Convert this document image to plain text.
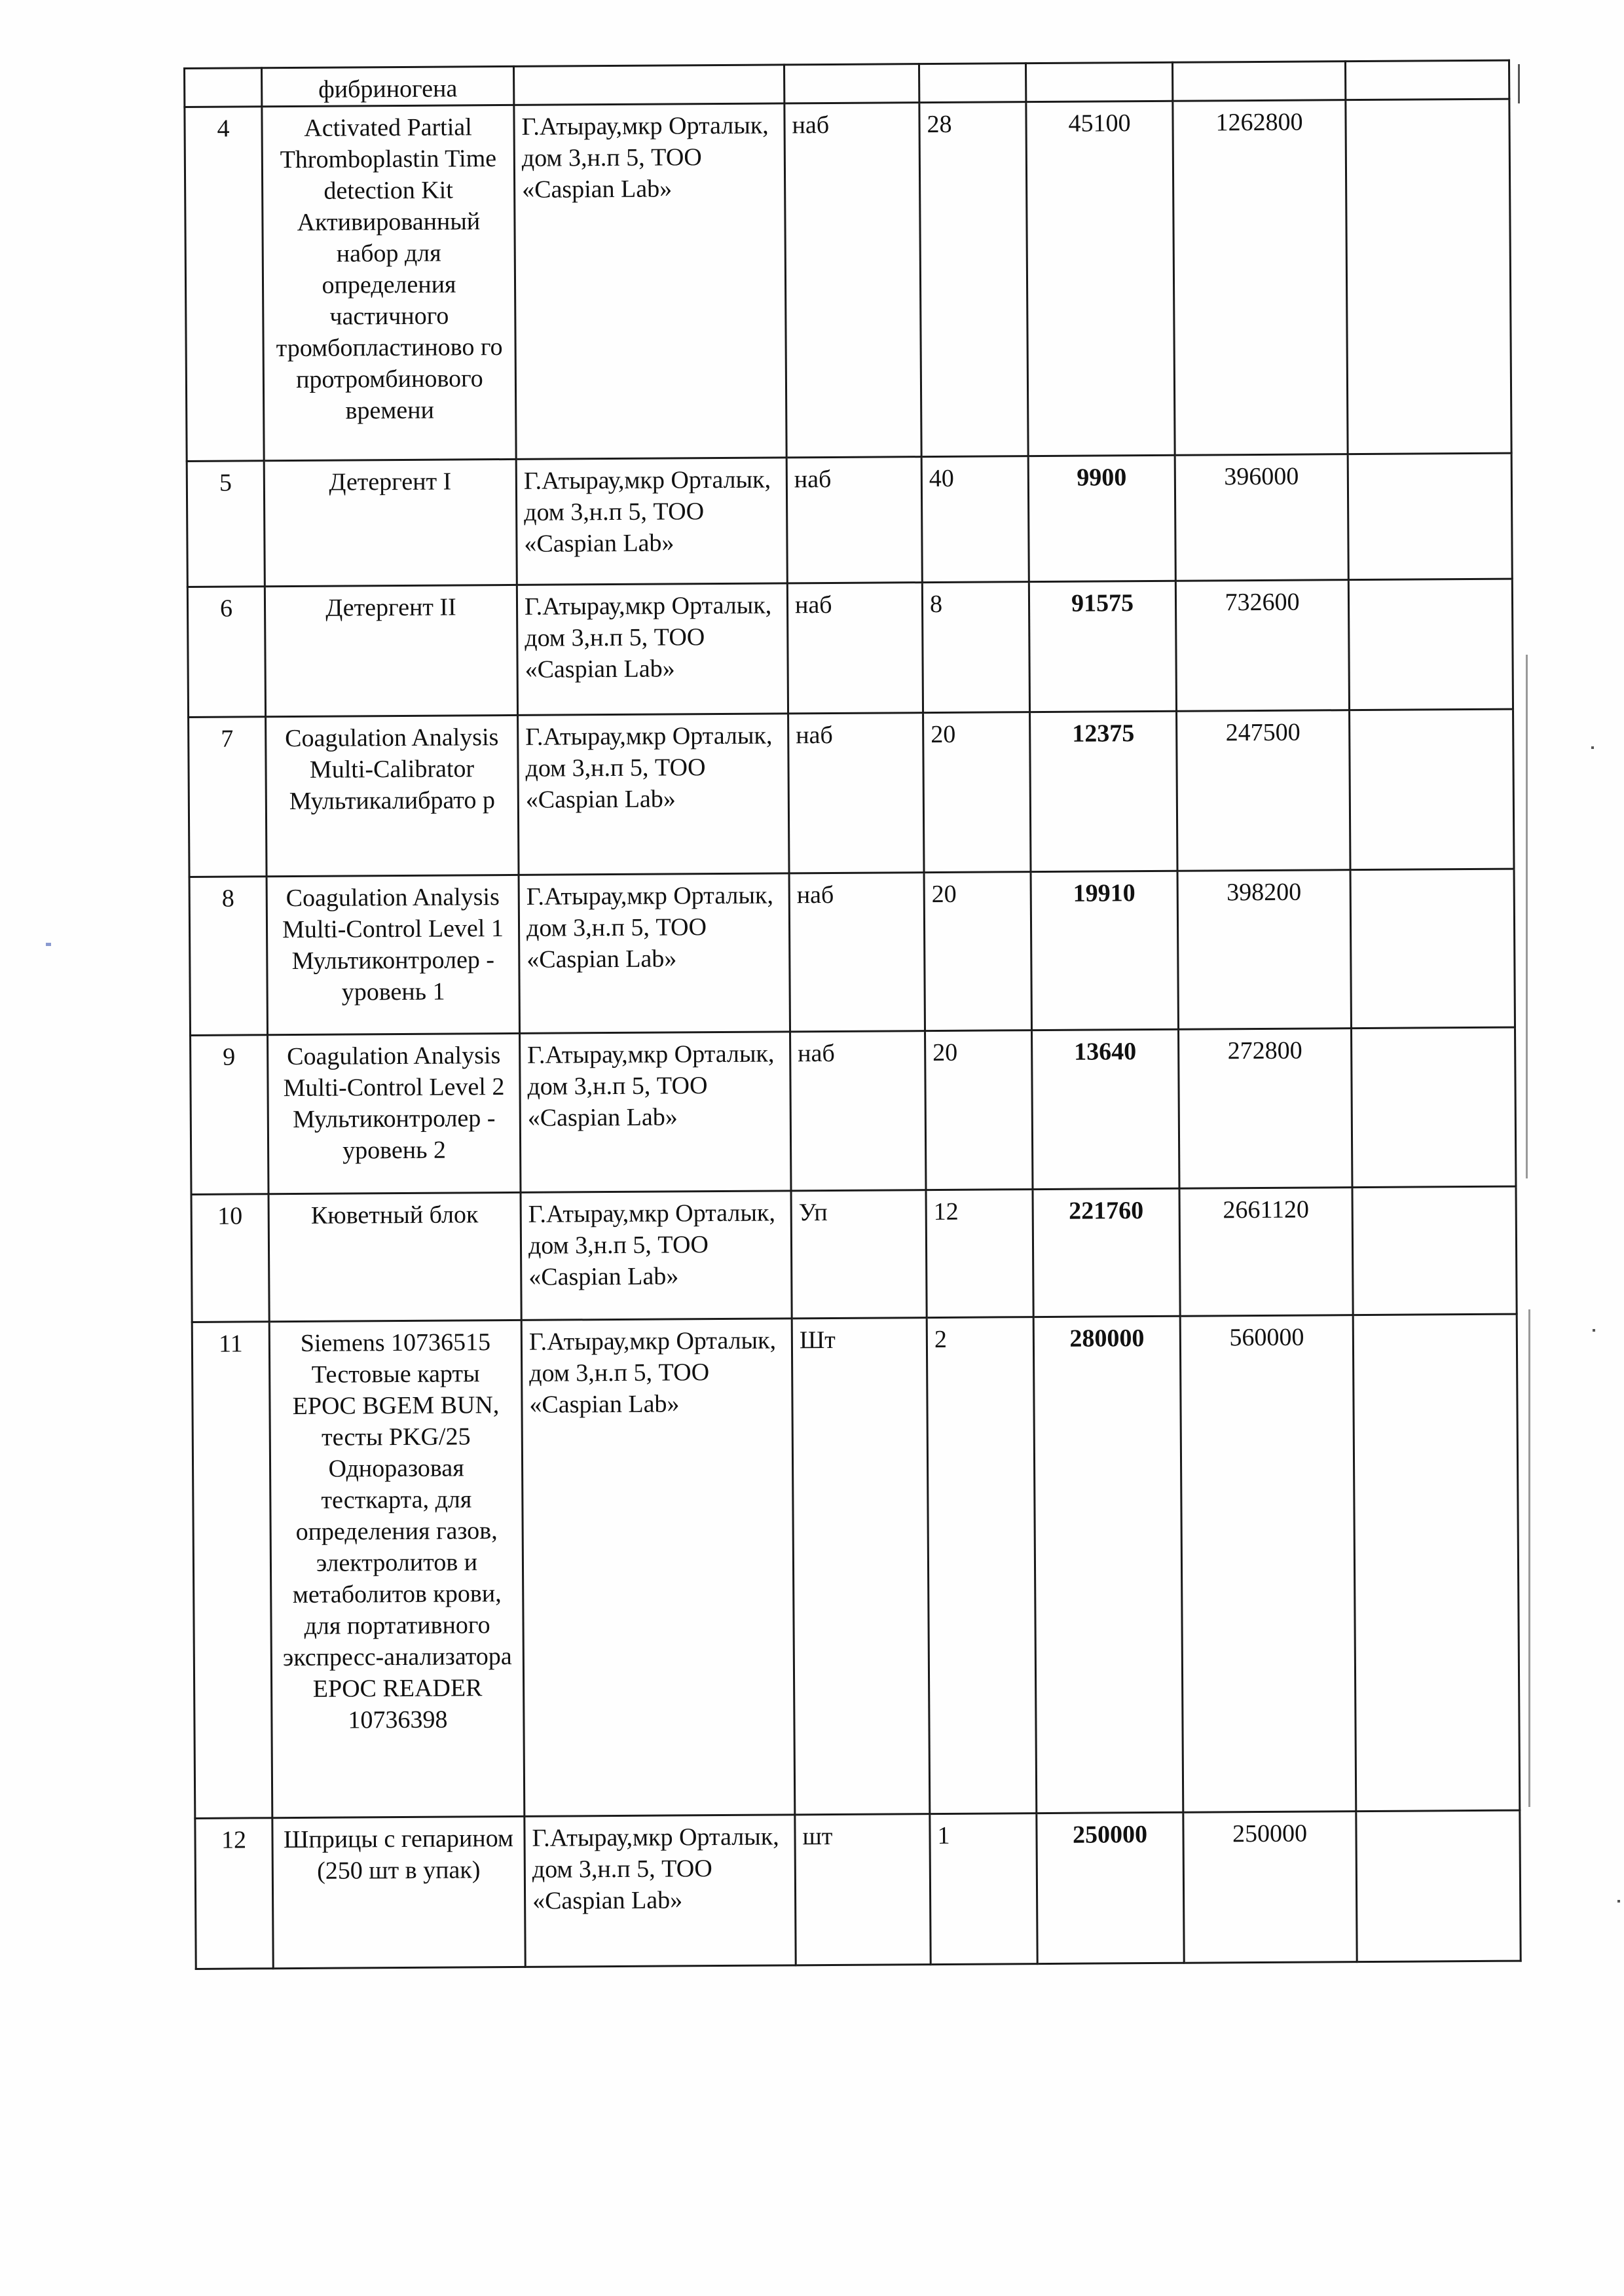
	фибриногена						
4	Activated Partial Thromboplastin Time detection Kit Активированный набор для определения частичного тромбопластиново го протромбинового времени	Г.Атырау,мкр Орталык, дом 3,н.п 5, ТОО «Caspian Lab»	наб	28	45100	1262800	
5	Детергент I	Г.Атырау,мкр Орталык, дом 3,н.п 5, ТОО «Caspian Lab»	наб	40	9900	396000	
6	Детергент II	Г.Атырау,мкр Орталык, дом 3,н.п 5, ТОО «Caspian Lab»	наб	8	91575	732600	
7	Coagulation Analysis Multi-Calibrator Мультикалибрато р	Г.Атырау,мкр Орталык, дом 3,н.п 5, ТОО «Caspian Lab»	наб	20	12375	247500	
8	Coagulation Analysis Multi-Control Level 1 Мультиконтролер - уровень 1	Г.Атырау,мкр Орталык, дом 3,н.п 5, ТОО «Caspian Lab»	наб	20	19910	398200	
9	Coagulation Analysis Multi-Control Level 2 Мультиконтролер - уровень 2	Г.Атырау,мкр Орталык, дом 3,н.п 5, ТОО «Caspian Lab»	наб	20	13640	272800	
10	Кюветный блок	Г.Атырау,мкр Орталык, дом 3,н.п 5, ТОО «Caspian Lab»	Уп	12	221760	2661120	
11	Siemens 10736515 Тестовые карты EPOC BGEM BUN, тесты PKG/25 Одноразовая тесткарта, для определения газов, электролитов и метаболитов крови, для портативного экспресс-анализатора EPOC READER 10736398	Г.Атырау,мкр Орталык, дом 3,н.п 5, ТОО «Caspian Lab»	Шт	2	280000	560000	
12	Шприцы с гепарином (250 шт в упак)	Г.Атырау,мкр Орталык, дом 3,н.п 5, ТОО «Caspian Lab»	шт	1	250000	250000	
